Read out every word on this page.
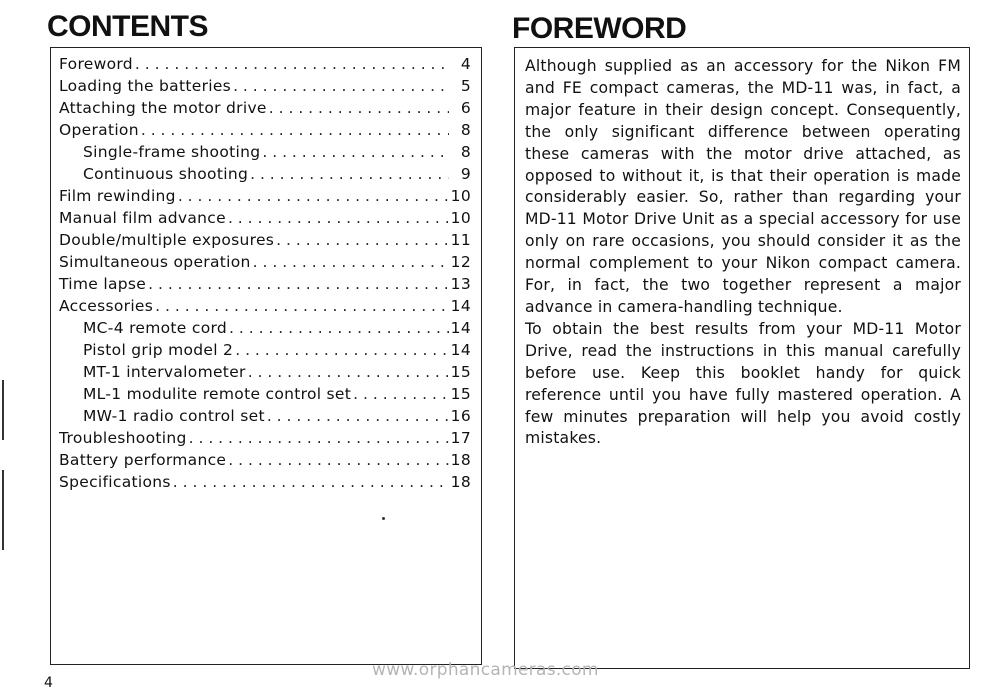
CONTENTS	FOREWORD
Foreword . . .	4
Loading the batteries . . .	5
Attaching the motor drive . . .	6
Operation . . .	8
Single-frame shooting . . .	8
Continuous shooting . . .	9
Film rewinding . . .	10
Manual film advance . . .	10
Double/multiple exposures . . .	11
Simultaneous operation . . .	12
Time lapse . . .	13
Accessories . . .	14
MC-4 remote cord . . .	14
Pistol grip model 2 . . .	14
MT-1 intervalometer . . .	15
ML-1 modulite remote control set . . .	15
MW-1 radio control set . . .	16
Troubleshooting . . .	17
Battery performance . . .	18
Specifications . . .	18

Although supplied as an accessory for the Nikon FM and FE compact cameras, the MD-11 was, in fact, a major feature in their design concept. Consequently, the only significant difference between operating these cameras with the motor drive attached, as opposed to without it, is that their operation is made considerably easier. So, rather than regarding your MD-11 Motor Drive Unit as a special accessory for use only on rare occasions, you should consider it as the normal complement to your Nikon compact camera. For, in fact, the two together represent a major advance in camera-handling technique.

To obtain the best results from your MD-11 Motor Drive, read the instructions in this manual carefully before use. Keep this booklet handy for quick reference until you have fully mastered operation. A few minutes preparation will help you avoid costly mistakes.

4

www.orphancameras.com
